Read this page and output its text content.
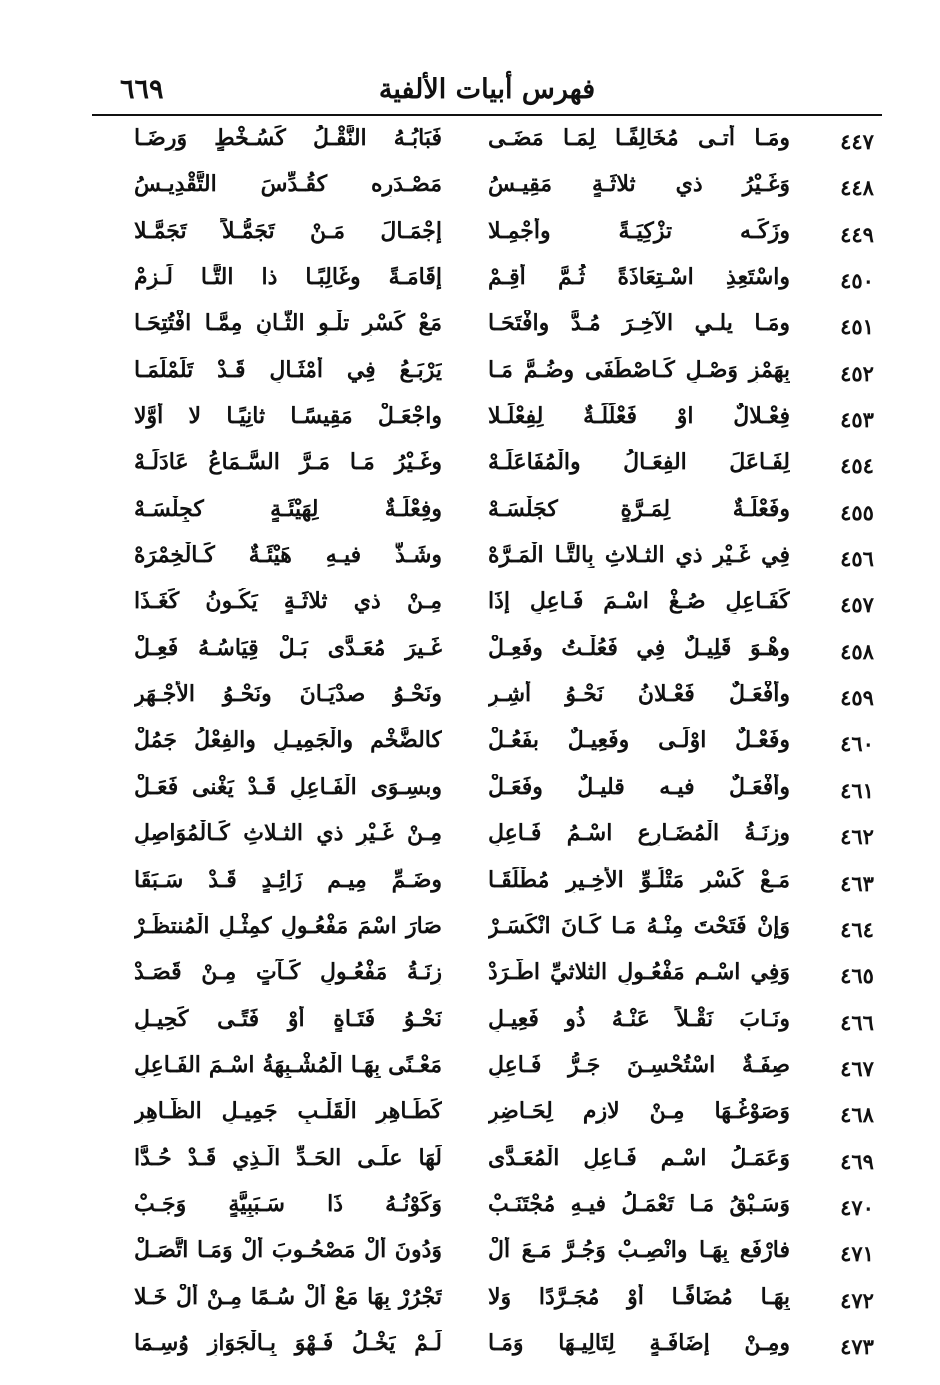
فهرس أبيات الألفية
٦٦٩
٤٤٧
ومَـا أتـى مُخَالِفًـا لِمَـا مَضَـى
فَبَابُـهُ النَّقْـلُ كَسُـخْطٍ وَرِضَـا
٤٤٨
وَغَـيْرُ ذي ثلاثَـةٍ مَقِيـسُ
مَصْـدَرِه كقُـدِّسَ التَّقْدِيـسُ
٤٤٩
وزَكِّـه تزْكِيَـةً وأجْمِـلا
إجْمَـالَ مَـنْ تَجَمُّـلاً تَجَمَّـلا
٤٥٠
واسْتَعِذِ اسْـتِعَاذَةً ثُـمَّ أقِـمْ
إقَامَـةً وغَالِبًـا ذا التَّـا لَـزِمْ
٤٥١
ومَـا يلـي الآخِـرَ مُـدَّ وافْتَحَـا
مَعْ كَسْرِ تلْـوِ الثَّـانِ مِمَّـا افْتُتِحَـا
٤٥٢
بِهَمْزِ وَصْـلٍ كَـاصْطَفَى وضُـمَّ مَـا
يَرْبَـعُ فِي أمْثَـالِ قَـدْ تَلَمْلَمَـا
٤٥٣
فِعْـلالٌ اوْ فَعْلَلَـةٌ لِفِعْلَـلا
واجْعَـلْ مَقِيسًـا ثانِيًـا لا أوَّلا
٤٥٤
لِفَـاعَلَ الفِعَـالُ والْمُفَاعَلَـهْ
وغَـيْرُ مَـا مَـرَّ السَّـمَاعُ عَادَلَـهْ
٤٥٥
وفَعْلَـةٌ لِمَـرَّةٍ كجَلْسَـهْ
وفِعْلَـةٌ لِهَيْئَـةٍ كجِلْسَـهْ
٤٥٦
فِي غَـيْرِ ذي الثـلاثِ بِالتَّـا الْمَـرَّهْ
وشَـذَّ فيـهِ هَيْئَـةٌ كَـالْخِمْرَهْ
٤٥٧
كَفَـاعِلٍ صُـغْ اسْـمَ فَـاعِلٍ إذَا
مِـنْ ذي ثلاثَـةٍ يَكُـونُ كَغَـذَا
٤٥٨
وهْـوَ قَلِيـلٌ فِي فَعُلْـتُ وفَعِـلْ
غَـيرَ مُعَـدًّى بَـلْ قِيَاسُـهُ فَعِـلْ
٤٥٩
وأفْعَـلٌ فَعْـلانُ نَحْـوُ أشِـرِ
ونَحْـوُ صدْيَـانَ ونَحْـوُ الأجْـهَرِ
٤٦٠
وفَعْـلٌ اوْلَـى وفَعِيـلٌ بفَعُـلْ
كالضَّخْمِ والْجَمِيـلِ والفِعْلُ جَمُلْ
٤٦١
وأفْعَـلٌ فيـه قليـلٌ وفَعَـلْ
وبسِـوَى الْفَـاعِلِ قَـدْ يَغْنى فَعَـلْ
٤٦٢
وزِنَـةُ الْمُضَـارِعِ اسْـمُ فَـاعِلِ
مِـنْ غَـيْرِ ذي الثـلاثِ كَـالْمُوَاصِلِ
٤٦٣
مَـعْ كَسْرِ مَتْلُـوِّ الأخِـيرِ مُطْلَقَـا
وضَـمِّ مِيـمٍ زَائِـدٍ قَـدْ سَـبَقَا
٤٦٤
وَإنْ فَتَحْتَ مِنْـهُ مَـا كَـانَ انْكَسَـرْ
صَارَ اسْمَ مَفْعُـولٍ كمِثْـلِ الْمُنتظَـرْ
٤٦٥
وَفِي اسْـمِ مَفْعُـولِ الثلاثيِّ اطَّـرَدْ
زِنَـةُ مَفْعُـولٍ كَـآتٍ مِـنْ قَصَـدْ
٤٦٦
ونَـابَ نَقْـلاً عَنْـهُ ذُو فَعِيـلِ
نَحْـوُ فَتَـاةٍ أوْ فَتًـى كَحِيـلِ
٤٦٧
صِفَـةٌ اسْتُحْسِـنَ جَـرُّ فَـاعِلِ
مَعْـنًى بِهَـا الْمُشْـبِهَةُ اسْـمَ الفَـاعِلِ
٤٦٨
وَصَوْغُـهَا مِـنْ لازِمٍ لِحَـاضِرِ
كَطَـاهِرِ الْقَلْـبِ جَمِيـلِ الظَّـاهِرِ
٤٦٩
وَعَمَـلُ اسْـمِ فَـاعِلِ الْمُعَـدَّى
لَهَا علَـى الحَـدِّ الَّـذِي قَـدْ حُـدَّا
٤٧٠
وَسَـبْقُ مَـا تَعْمَـلُ فيـهِ مُجْتَنَـبْ
وَكَوْنُـهُ ذَا سَـبَبِيَّةٍ وَجَـبْ
٤٧١
فارْفَع بِهَـا وانْصِـبْ وَجُـرَّ مَـعَ ألْ
وَدُونَ ألْ مَصْحُـوبَ ألْ وَمَـا اتَّصَـلْ
٤٧٢
بِهَـا مُضَافًـا أوْ مُجَـرَّدًا وَلا
تَجْرُرْ بِهَا مَعْ ألْ سُـمًا مِـنْ ألْ خَـلا
٤٧٣
ومِـنْ إضَافَـةٍ لِتَالِيـهَا وَمَـا
لَـمْ يَخْـلُ فَـهْوَ بِـالْجَوَازِ وُسِـمَا
